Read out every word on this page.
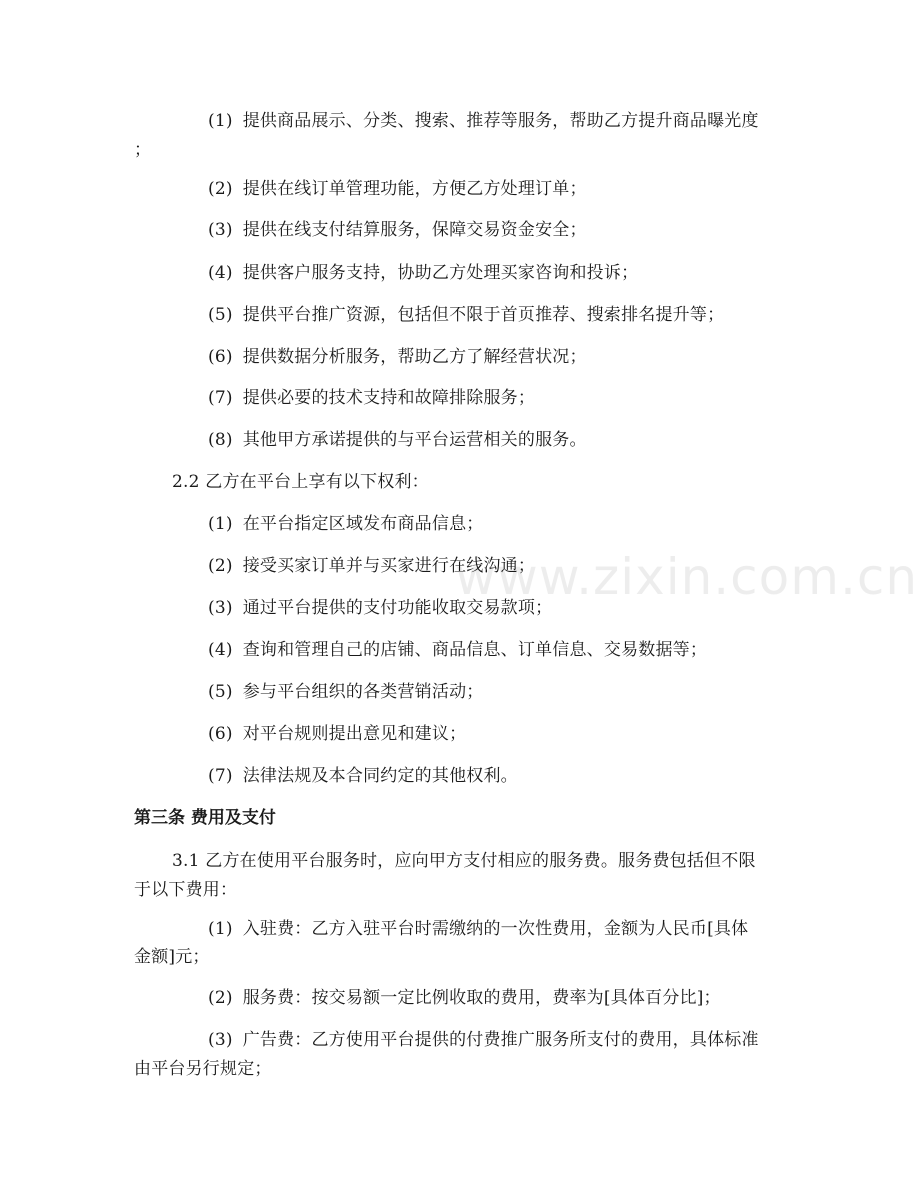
www.zixin.com.cn
(1) 提供商品展示、分类、搜索、推荐等服务，帮助乙方提升商品曝光度
；
(2) 提供在线订单管理功能，方便乙方处理订单；
(3) 提供在线支付结算服务，保障交易资金安全；
(4) 提供客户服务支持，协助乙方处理买家咨询和投诉；
(5) 提供平台推广资源，包括但不限于首页推荐、搜索排名提升等；
(6) 提供数据分析服务，帮助乙方了解经营状况；
(7) 提供必要的技术支持和故障排除服务；
(8) 其他甲方承诺提供的与平台运营相关的服务。
2.2 乙方在平台上享有以下权利：
(1) 在平台指定区域发布商品信息；
(2) 接受买家订单并与买家进行在线沟通；
(3) 通过平台提供的支付功能收取交易款项；
(4) 查询和管理自己的店铺、商品信息、订单信息、交易数据等；
(5) 参与平台组织的各类营销活动；
(6) 对平台规则提出意见和建议；
(7) 法律法规及本合同约定的其他权利。
第三条 费用及支付
3.1 乙方在使用平台服务时，应向甲方支付相应的服务费。服务费包括但不限
于以下费用：
(1) 入驻费：乙方入驻平台时需缴纳的一次性费用，金额为人民币[具体
金额]元；
(2) 服务费：按交易额一定比例收取的费用，费率为[具体百分比]；
(3) 广告费：乙方使用平台提供的付费推广服务所支付的费用，具体标准
由平台另行规定；
